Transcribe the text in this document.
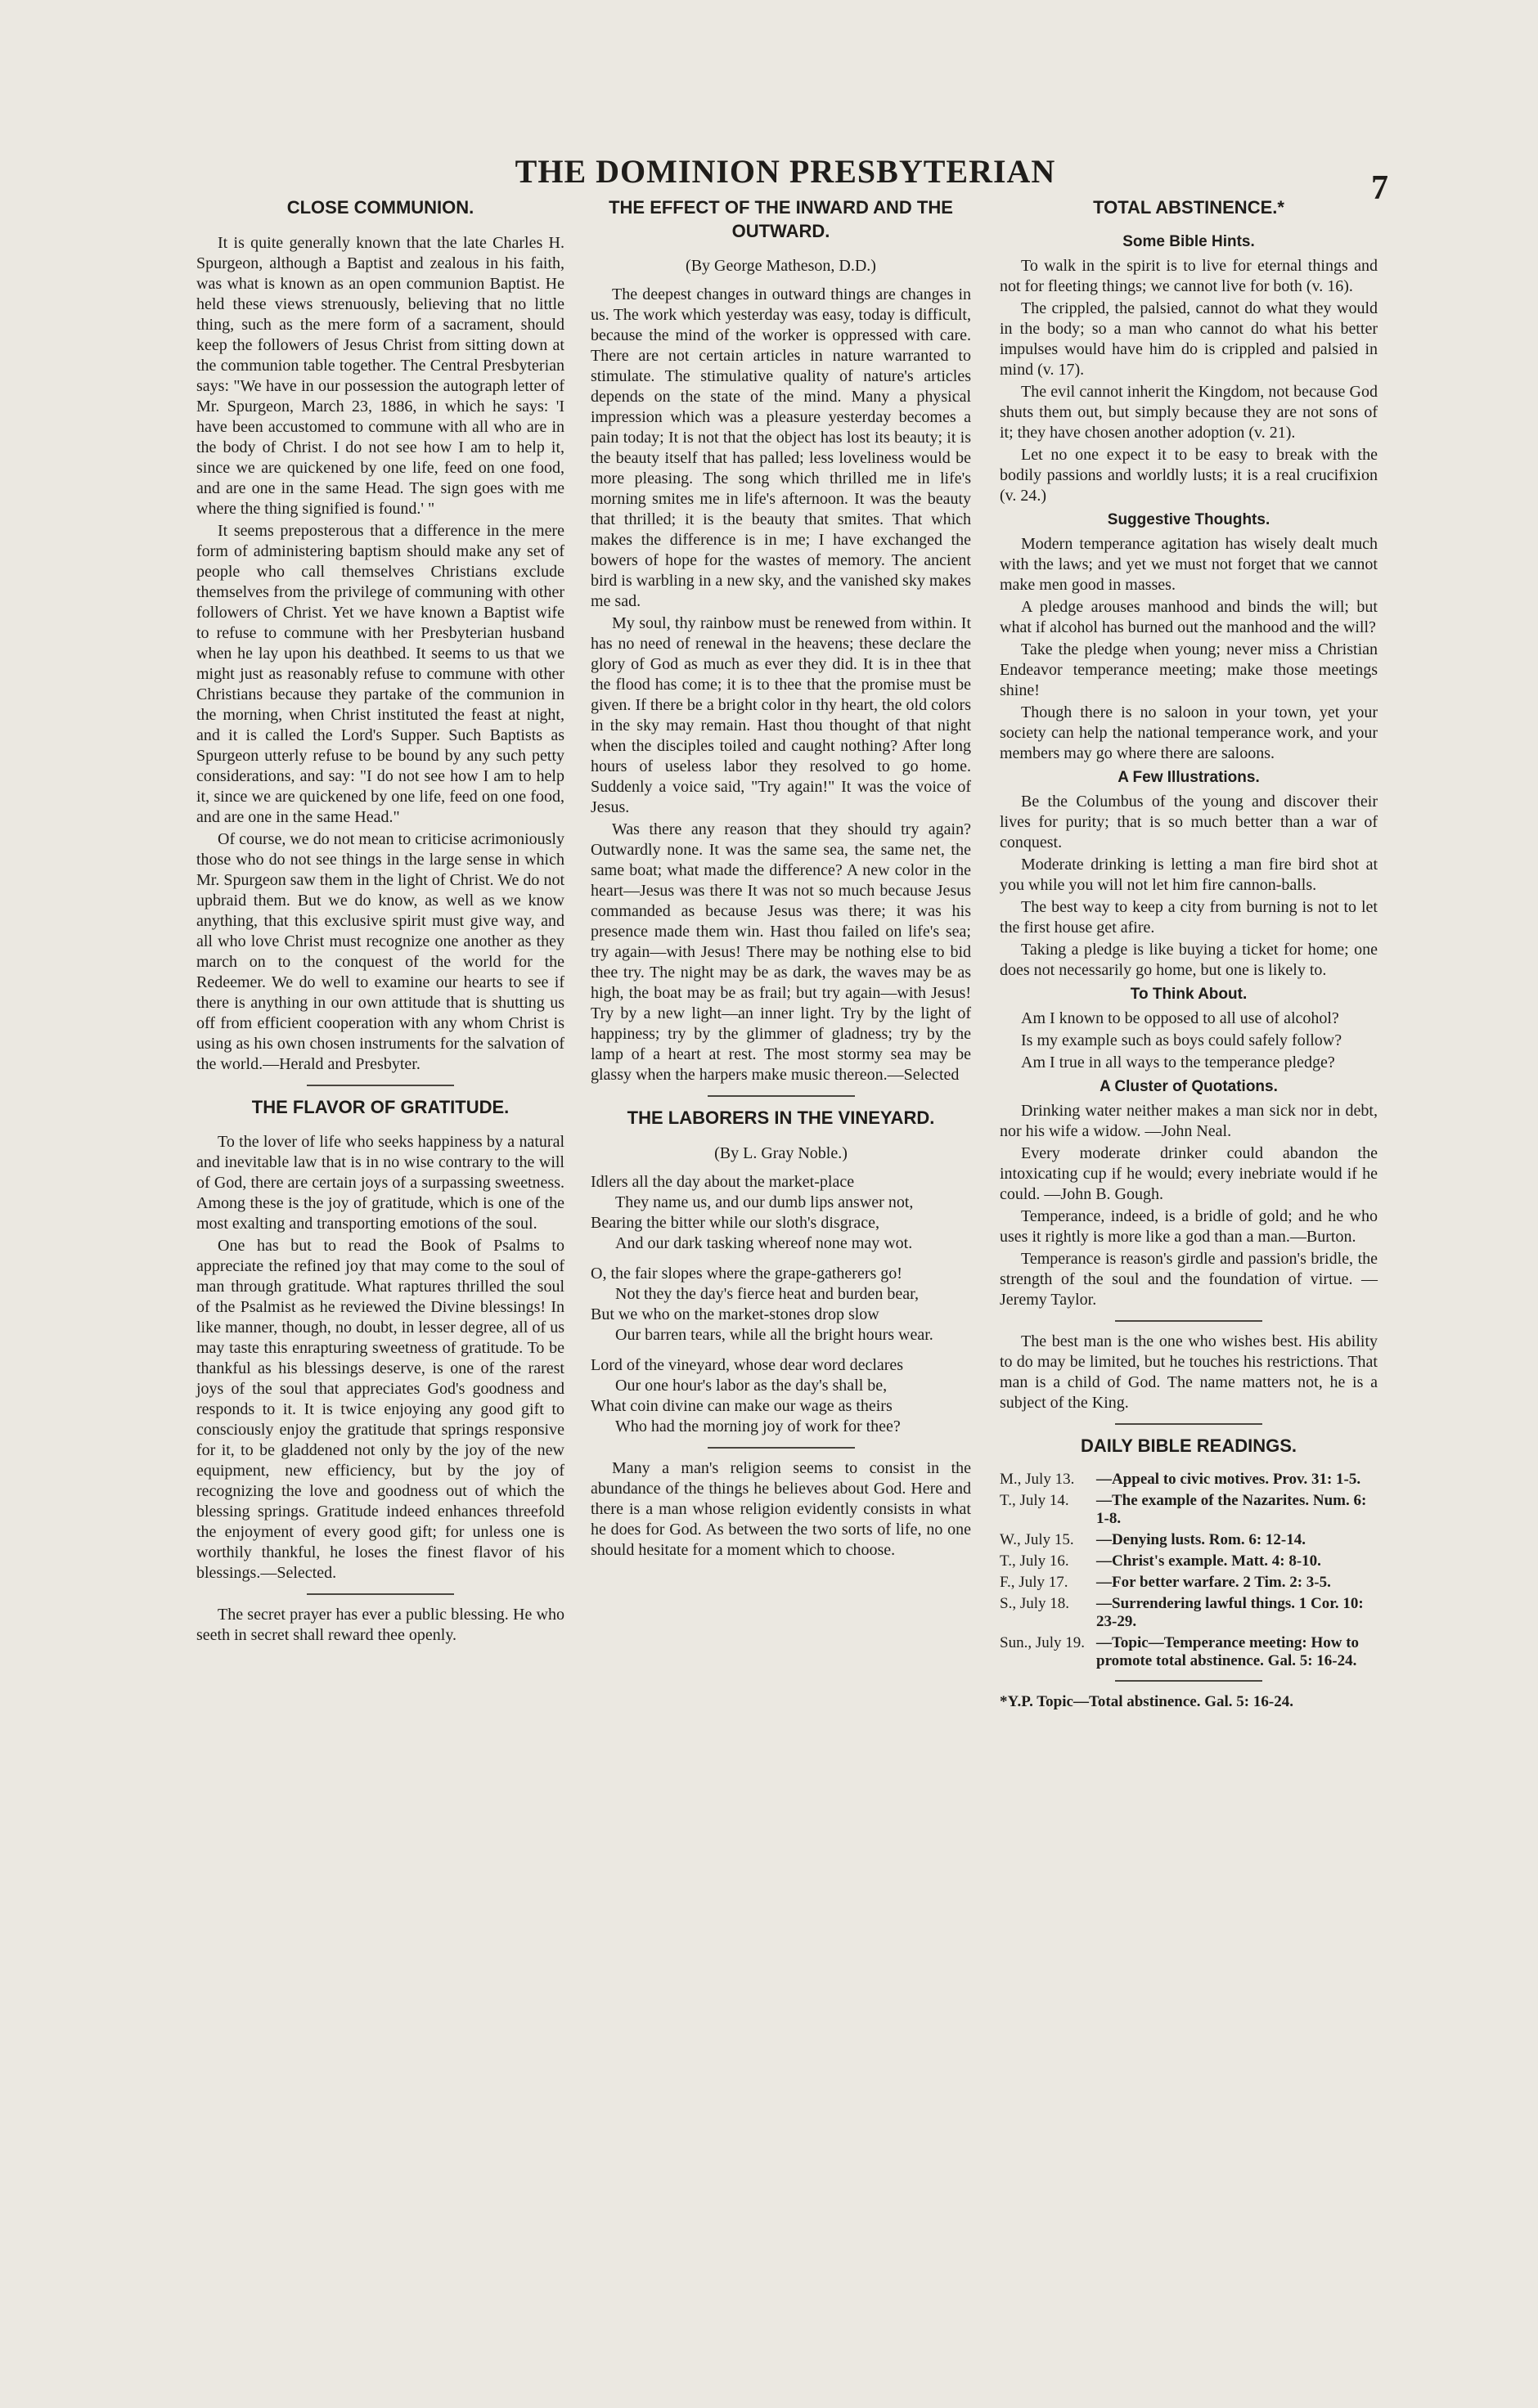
THE DOMINION PRESBYTERIAN	7
CLOSE COMMUNION.

It is quite generally known that the late Charles H. Spurgeon, although a Baptist and zealous in his faith, was what is known as an open communion Baptist. He held these views strenuously, believing that no little thing, such as the mere form of a sacrament, should keep the followers of Jesus Christ from sitting down at the communion table together. The Central Presbyterian says: "We have in our possession the autograph letter of Mr. Spurgeon, March 23, 1886, in which he says: 'I have been accustomed to commune with all who are in the body of Christ. I do not see how I am to help it, since we are quickened by one life, feed on one food, and are one in the same Head. The sign goes with me where the thing signified is found.' "

It seems preposterous that a difference in the mere form of administering baptism should make any set of people who call themselves Christians exclude themselves from the privilege of communing with other followers of Christ. Yet we have known a Baptist wife to refuse to commune with her Presbyterian husband when he lay upon his deathbed. It seems to us that we might just as reasonably refuse to commune with other Christians because they partake of the communion in the morning, when Christ instituted the feast at night, and it is called the Lord's Supper. Such Baptists as Spurgeon utterly refuse to be bound by any such petty considerations, and say: "I do not see how I am to help it, since we are quickened by one life, feed on one food, and are one in the same Head."

Of course, we do not mean to criticise acrimoniously those who do not see things in the large sense in which Mr. Spurgeon saw them in the light of Christ. We do not upbraid them. But we do know, as well as we know anything, that this exclusive spirit must give way, and all who love Christ must recognize one another as they march on to the conquest of the world for the Redeemer. We do well to examine our hearts to see if there is anything in our own attitude that is shutting us off from efficient cooperation with any whom Christ is using as his own chosen instruments for the salvation of the world.—Herald and Presbyter.

THE FLAVOR OF GRATITUDE.

To the lover of life who seeks happiness by a natural and inevitable law that is in no wise contrary to the will of God, there are certain joys of a surpassing sweetness. Among these is the joy of gratitude, which is one of the most exalting and transporting emotions of the soul.

One has but to read the Book of Psalms to appreciate the refined joy that may come to the soul of man through gratitude. What raptures thrilled the soul of the Psalmist as he reviewed the Divine blessings! In like manner, though, no doubt, in lesser degree, all of us may taste this enrapturing sweetness of gratitude. To be thankful as his blessings deserve, is one of the rarest joys of the soul that appreciates God's goodness and responds to it. It is twice enjoying any good gift to consciously enjoy the gratitude that springs responsive for it, to be gladdened not only by the joy of the new equipment, new efficiency, but by the joy of recognizing the love and goodness out of which the blessing springs. Gratitude indeed enhances threefold the enjoyment of every good gift; for unless one is worthily thankful, he loses the finest flavor of his blessings.—Selected.

The secret prayer has ever a public blessing. He who seeth in secret shall reward thee openly.

THE EFFECT OF THE INWARD AND THE OUTWARD.

(By George Matheson, D.D.)

The deepest changes in outward things are changes in us. The work which yesterday was easy, today is difficult, because the mind of the worker is oppressed with care. There are not certain articles in nature warranted to stimulate. The stimulative quality of nature's articles depends on the state of the mind. Many a physical impression which was a pleasure yesterday becomes a pain today; It is not that the object has lost its beauty; it is the beauty itself that has palled; less loveliness would be more pleasing. The song which thrilled me in life's morning smites me in life's afternoon. It was the beauty that thrilled; it is the beauty that smites. That which makes the difference is in me; I have exchanged the bowers of hope for the wastes of memory. The ancient bird is warbling in a new sky, and the vanished sky makes me sad.

My soul, thy rainbow must be renewed from within. It has no need of renewal in the heavens; these declare the glory of God as much as ever they did. It is in thee that the flood has come; it is to thee that the promise must be given. If there be a bright color in thy heart, the old colors in the sky may remain. Hast thou thought of that night when the disciples toiled and caught nothing? After long hours of useless labor they resolved to go home. Suddenly a voice said, "Try again!" It was the voice of Jesus.

Was there any reason that they should try again? Outwardly none. It was the same sea, the same net, the same boat; what made the difference? A new color in the heart—Jesus was there It was not so much because Jesus commanded as because Jesus was there; it was his presence made them win. Hast thou failed on life's sea; try again—with Jesus! There may be nothing else to bid thee try. The night may be as dark, the waves may be as high, the boat may be as frail; but try again—with Jesus! Try by a new light—an inner light. Try by the light of happiness; try by the glimmer of gladness; try by the lamp of a heart at rest. The most stormy sea may be glassy when the harpers make music thereon.—Selected

THE LABORERS IN THE VINEYARD.

(By L. Gray Noble.)

Idlers all the day about the market-place

They name us, and our dumb lips answer not,

Bearing the bitter while our sloth's disgrace,

And our dark tasking whereof none may wot.

O, the fair slopes where the grape-gatherers go!

Not they the day's fierce heat and burden bear,

But we who on the market-stones drop slow

Our barren tears, while all the bright hours wear.

Lord of the vineyard, whose dear word declares

Our one hour's labor as the day's shall be,

What coin divine can make our wage as theirs

Who had the morning joy of work for thee?

Many a man's religion seems to consist in the abundance of the things he believes about God. Here and there is a man whose religion evidently consists in what he does for God. As between the two sorts of life, no one should hesitate for a moment which to choose.

TOTAL ABSTINENCE.*
Some Bible Hints.

To walk in the spirit is to live for eternal things and not for fleeting things; we cannot live for both (v. 16).

The crippled, the palsied, cannot do what they would in the body; so a man who cannot do what his better impulses would have him do is crippled and palsied in mind (v. 17).

The evil cannot inherit the Kingdom, not because God shuts them out, but simply because they are not sons of it; they have chosen another adoption (v. 21).

Let no one expect it to be easy to break with the bodily passions and worldly lusts; it is a real crucifixion (v. 24.)

Suggestive Thoughts.

Modern temperance agitation has wisely dealt much with the laws; and yet we must not forget that we cannot make men good in masses.

A pledge arouses manhood and binds the will; but what if alcohol has burned out the manhood and the will?

Take the pledge when young; never miss a Christian Endeavor temperance meeting; make those meetings shine!

Though there is no saloon in your town, yet your society can help the national temperance work, and your members may go where there are saloons.

A Few Illustrations.

Be the Columbus of the young and discover their lives for purity; that is so much better than a war of conquest.

Moderate drinking is letting a man fire bird shot at you while you will not let him fire cannon-balls.

The best way to keep a city from burning is not to let the first house get afire.

Taking a pledge is like buying a ticket for home; one does not necessarily go home, but one is likely to.

To Think About.

Am I known to be opposed to all use of alcohol?

Is my example such as boys could safely follow?

Am I true in all ways to the temperance pledge?

A Cluster of Quotations.

Drinking water neither makes a man sick nor in debt, nor his wife a widow. —John Neal.

Every moderate drinker could abandon the intoxicating cup if he would; every inebriate would if he could. —John B. Gough.

Temperance, indeed, is a bridle of gold; and he who uses it rightly is more like a god than a man.—Burton.

Temperance is reason's girdle and passion's bridle, the strength of the soul and the foundation of virtue. —Jeremy Taylor.

The best man is the one who wishes best. His ability to do may be limited, but he touches his restrictions. That man is a child of God. The name matters not, he is a subject of the King.

DAILY BIBLE READINGS.
M., July 13.	—Appeal to civic motives. Prov. 31: 1-5.
T., July 14.	—The example of the Nazarites. Num. 6: 1-8.
W., July 15.	—Denying lusts. Rom. 6: 12-14.
T., July 16.	—Christ's example. Matt. 4: 8-10.
F., July 17.	—For better warfare. 2 Tim. 2: 3-5.
S., July 18.	—Surrendering lawful things. 1 Cor. 10: 23-29.
Sun., July 19. —Topic—Temperance meeting: How to promote total abstinence. Gal. 5: 16-24.

*Y.P. Topic—Total abstinence. Gal. 5: 16-24.
